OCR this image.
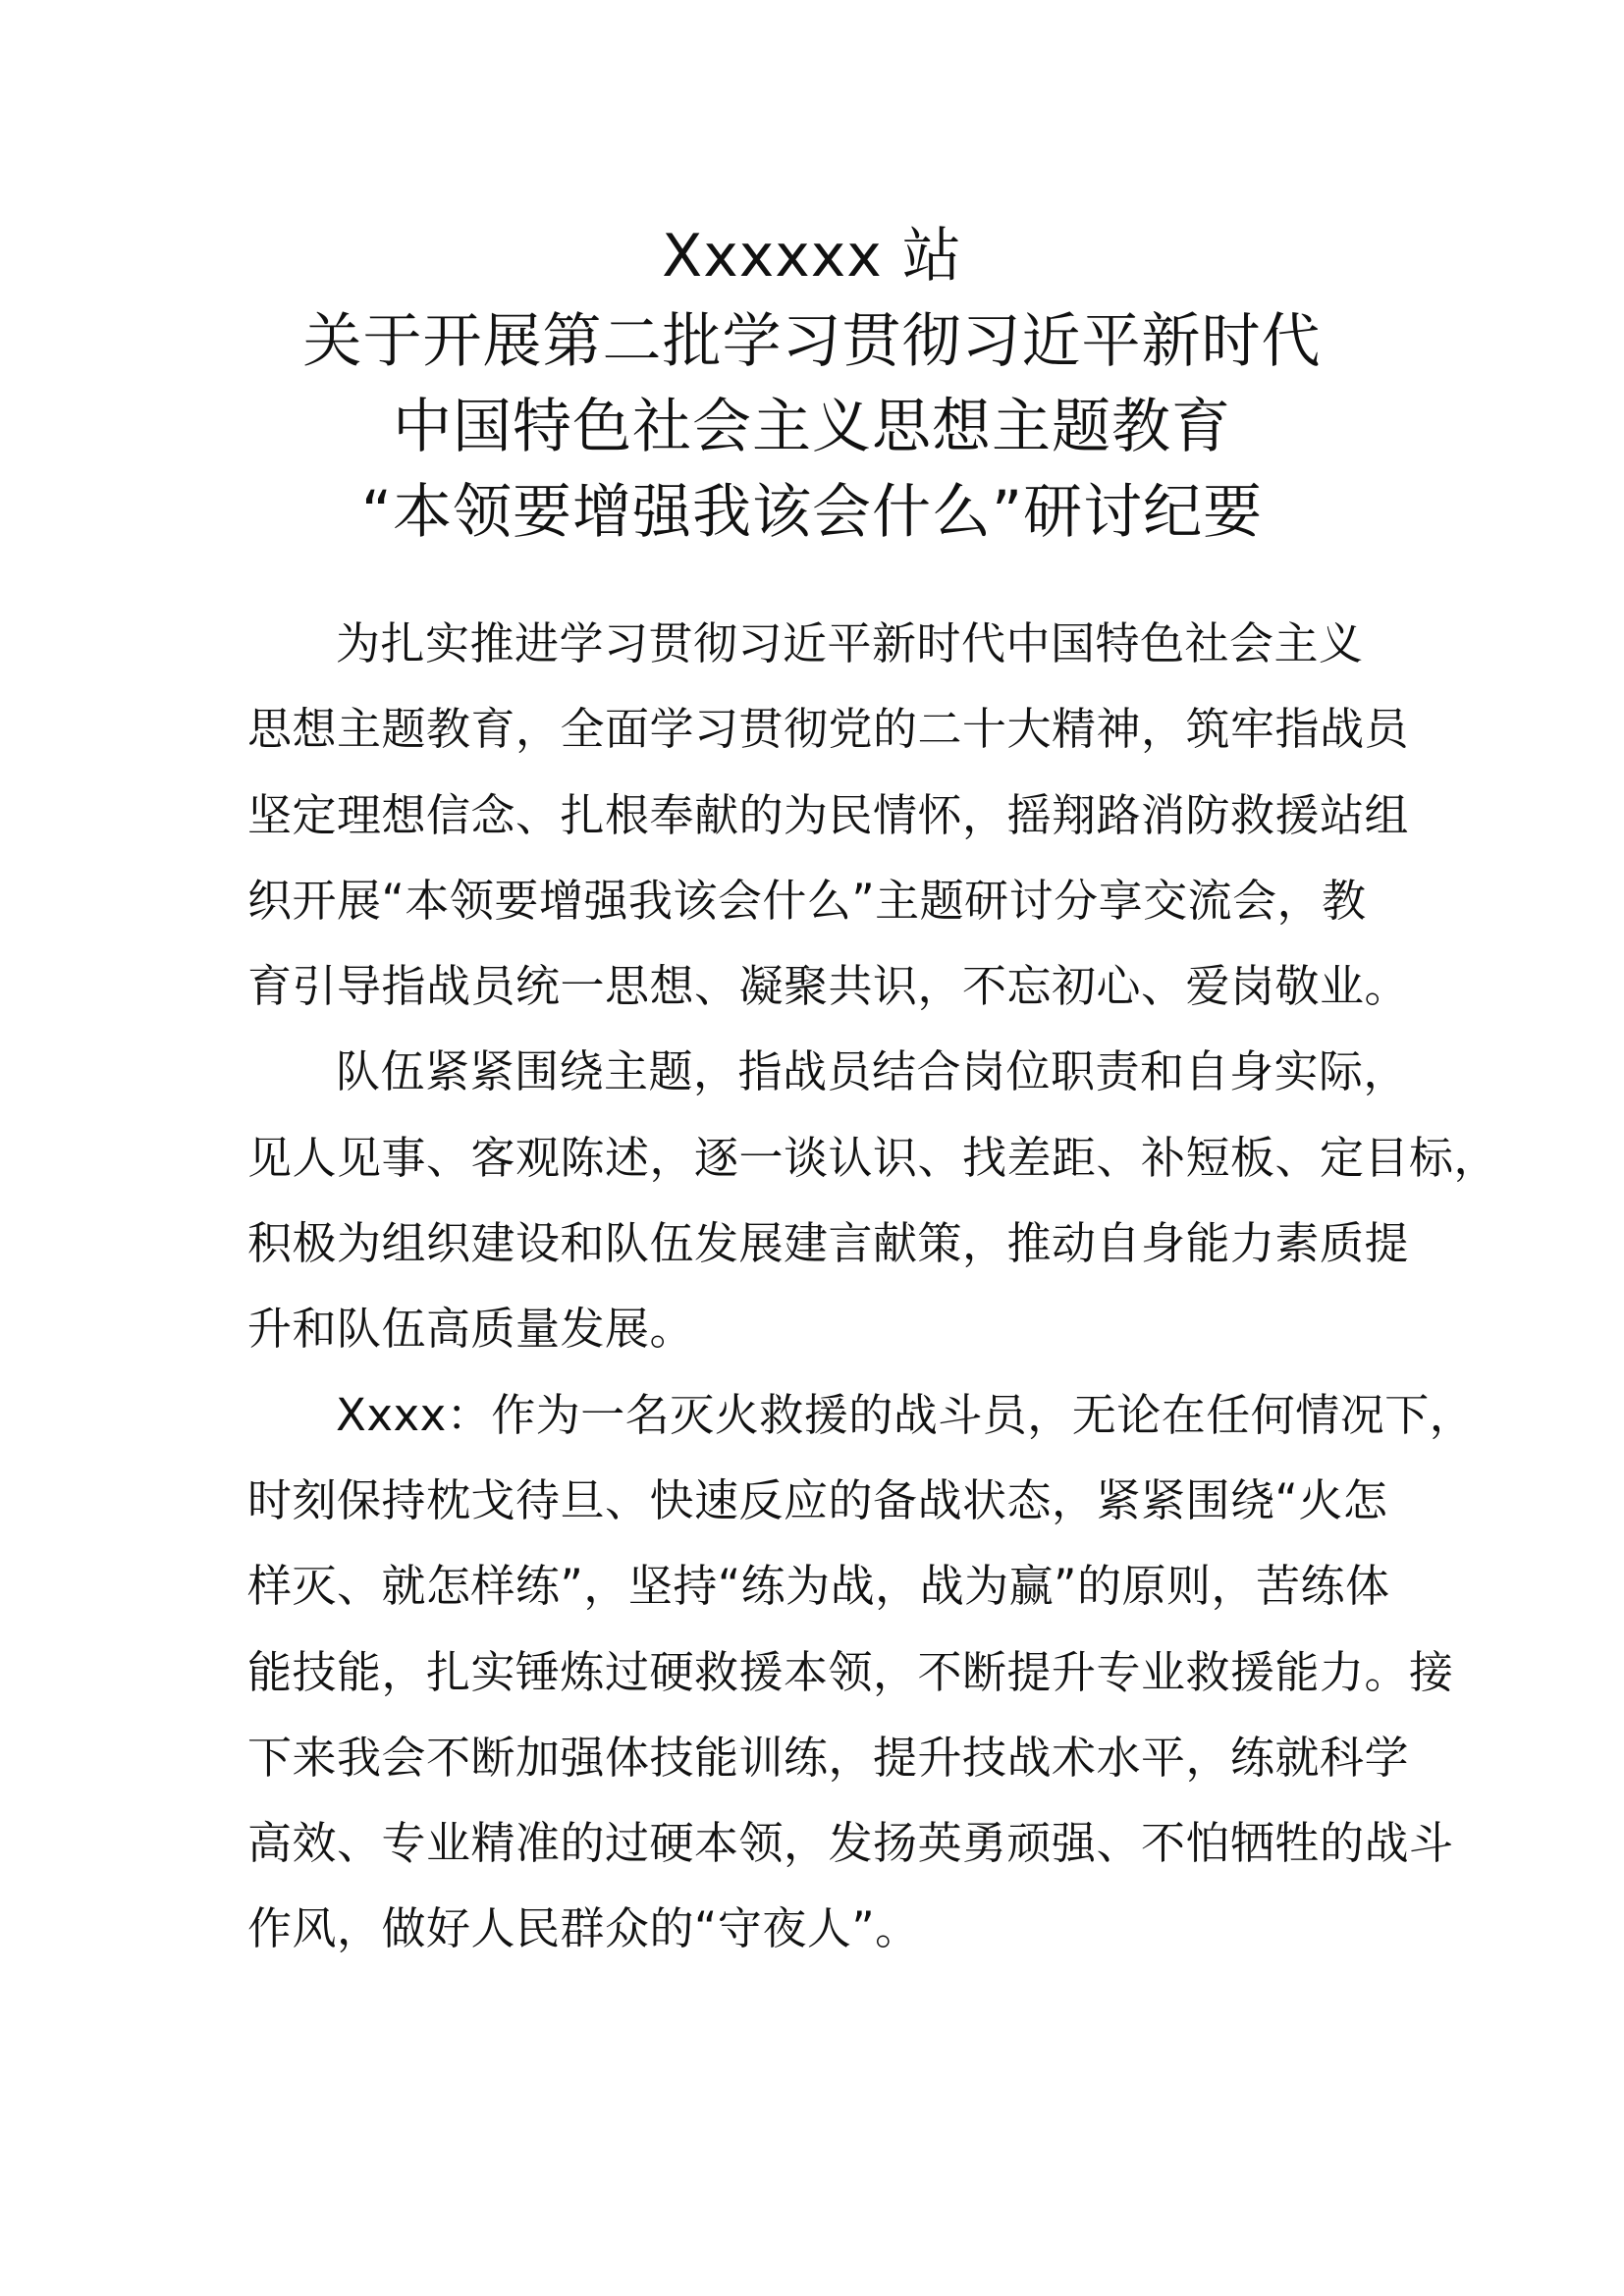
Xxxxxx 站
关于开展第二批学习贯彻习近平新时代
中国特色社会主义思想主题教育
“本领要增强我该会什么”研讨纪要
为扎实推进学习贯彻习近平新时代中国特色社会主义
思想主题教育，全面学习贯彻党的二十大精神，筑牢指战员
坚定理想信念、扎根奉献的为民情怀，摇翔路消防救援站组
织开展“本领要增强我该会什么”主题研讨分享交流会，教
育引导指战员统一思想、凝聚共识，不忘初心、爱岗敬业。
队伍紧紧围绕主题，指战员结合岗位职责和自身实际，
见人见事、客观陈述，逐一谈认识、找差距、补短板、定目标，
积极为组织建设和队伍发展建言献策，推动自身能力素质提
升和队伍高质量发展。
Xxxx：作为一名灭火救援的战斗员，无论在任何情况下，
时刻保持枕戈待旦、快速反应的备战状态，紧紧围绕“火怎
样灭、就怎样练”，坚持“练为战，战为赢”的原则，苦练体
能技能，扎实锤炼过硬救援本领，不断提升专业救援能力。接
下来我会不断加强体技能训练，提升技战术水平，练就科学
高效、专业精准的过硬本领，发扬英勇顽强、不怕牺牲的战斗
作风，做好人民群众的“守夜人”。
